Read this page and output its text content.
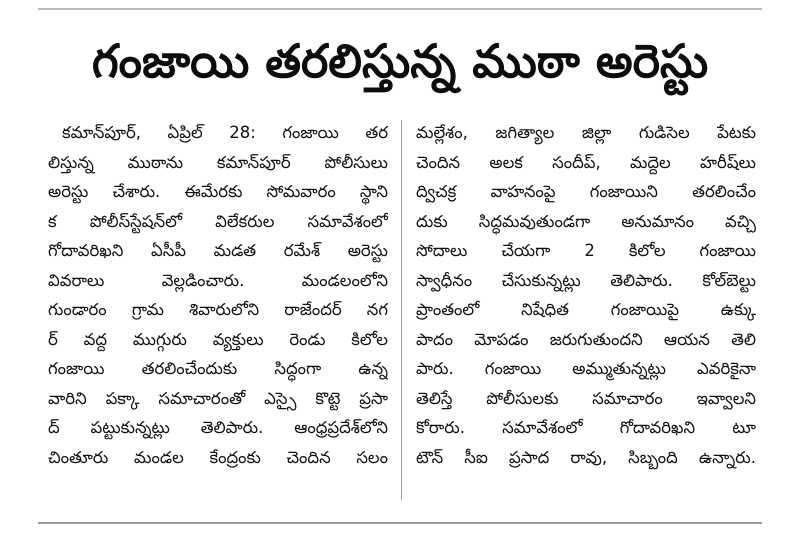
గంజాయి తరలిస్తున్న ముఠా అరెస్టు
కమాన్‌పూర్, ఏప్రిల్ 28: గంజాయి తర
లిస్తున్న ముఠాను కమాన్‌పూర్ పోలీసులు
అరెస్టు చేశారు. ఈమేరకు సోమవారం స్థాని
క పోలీస్‌స్టేషన్‌లో విలేకరుల సమావేశంలో
గోదావరిఖని ఏసీపీ మడత రమేశ్ అరెస్టు
వివరాలు వెల్లడించారు. మండలంలోని
గుండారం గ్రామ శివారులోని రాజేందర్ నగ
ర్ వద్ద ముగ్గురు వ్యక్తులు రెండు కిలోల
గంజాయి తరలించేందుకు సిద్ధంగా ఉన్న
వారిని పక్కా సమాచారంతో ఎస్సై కొట్టె ప్రసా
ద్ పట్టుకున్నట్లు తెలిపారు. ఆంధ్రప్రదేశ్‌లోని
చింతూరు మండల కేంద్రంకు చెందిన సలం
మల్లేశం, జగిత్యాల జిల్లా గుడిసెల పేటకు
చెందిన అలక సందీప్, మద్దెల హరీష్‌లు
ద్విచక్ర వాహనంపై గంజాయిని తరలించేం
దుకు సిద్ధమవుతుండగా అనుమానం వచ్చి
సోదాలు చేయగా 2 కిలోల గంజాయి
స్వాధీనం చేసుకున్నట్లు తెలిపారు. కోల్‌బెల్టు
ప్రాంతంలో నిషేధిత గంజాయిపై ఉక్కు
పాదం మోపడం జరుగుతుందని ఆయన తెలి
పారు. గంజాయి అమ్ముతున్నట్లు ఎవరికైనా
తెలిస్తే పోలీసులకు సమాచారం ఇవ్వాలని
కోరారు. సమావేశంలో గోదావరిఖని టూ
టౌన్ సీఐ ప్రసాద రావు, సిబ్బంది ఉన్నారు.
